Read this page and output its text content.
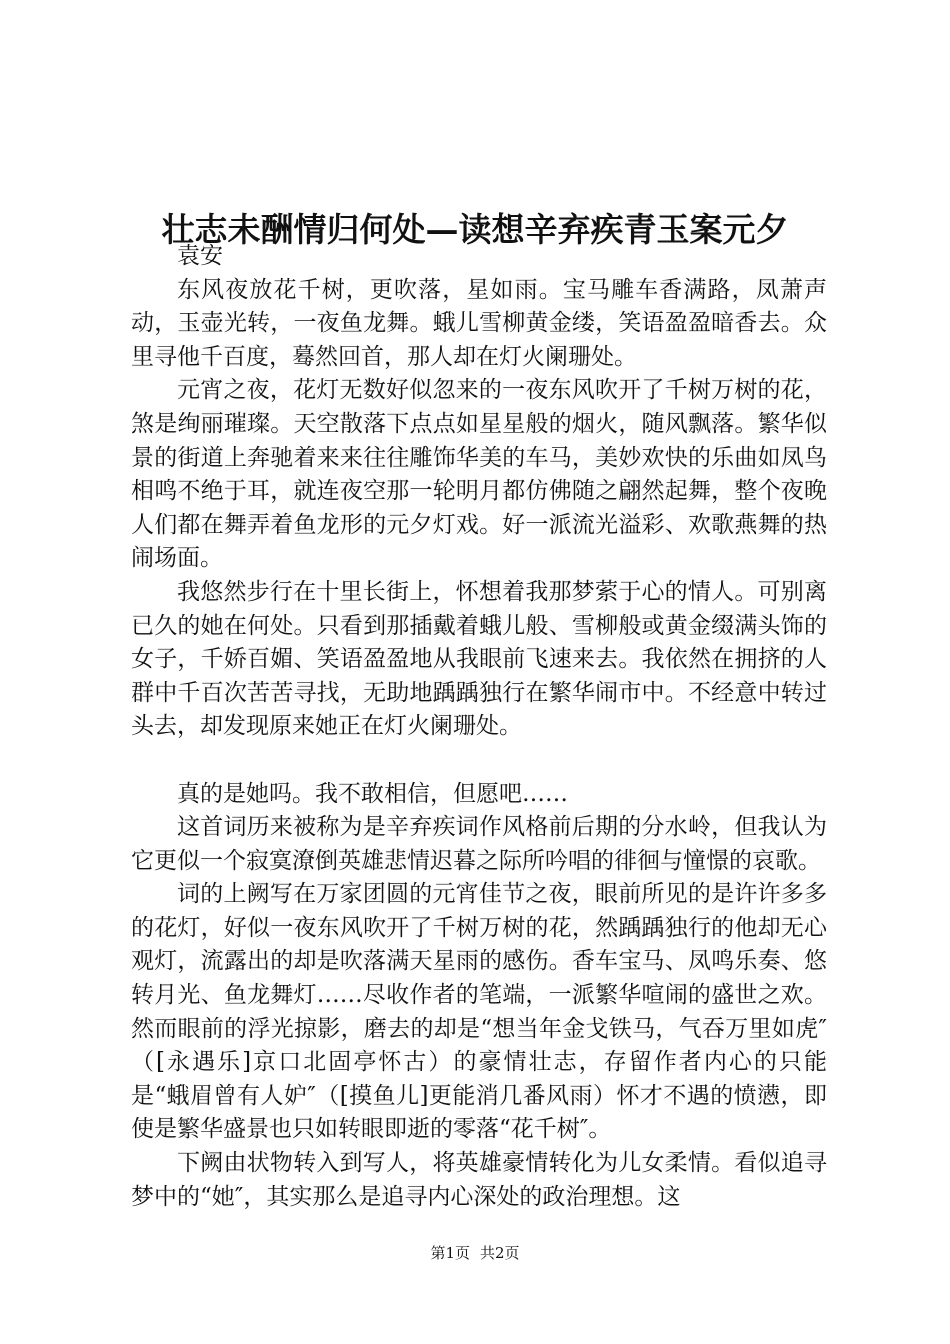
壮志未酬情归何处—读想辛弃疾青玉案元夕

袁安

东风夜放花千树，更吹落，星如雨。宝马雕车香满路，凤萧声动，玉壶光转，一夜鱼龙舞。蛾儿雪柳黄金缕，笑语盈盈暗香去。众里寻他千百度，蓦然回首，那人却在灯火阑珊处。

元宵之夜，花灯无数好似忽来的一夜东风吹开了千树万树的花，煞是绚丽璀璨。天空散落下点点如星星般的烟火，随风飘落。繁华似景的街道上奔驰着来来往往雕饰华美的车马，美妙欢快的乐曲如凤鸟相鸣不绝于耳，就连夜空那一轮明月都仿佛随之翩然起舞，整个夜晚人们都在舞弄着鱼龙形的元夕灯戏。好一派流光溢彩、欢歌燕舞的热闹场面。

我悠然步行在十里长街上，怀想着我那梦萦于心的情人。可别离已久的她在何处。只看到那插戴着蛾儿般、雪柳般或黄金缀满头饰的女子，千娇百媚、笑语盈盈地从我眼前飞速来去。我依然在拥挤的人群中千百次苦苦寻找，无助地踽踽独行在繁华闹市中。不经意中转过头去，却发现原来她正在灯火阑珊处。

真的是她吗。我不敢相信，但愿吧……

这首词历来被称为是辛弃疾词作风格前后期的分水岭，但我认为它更似一个寂寞潦倒英雄悲情迟暮之际所吟唱的徘徊与憧憬的哀歌。

词的上阙写在万家团圆的元宵佳节之夜，眼前所见的是许许多多的花灯，好似一夜东风吹开了千树万树的花，然踽踽独行的他却无心观灯，流露出的却是吹落满天星雨的感伤。香车宝马、凤鸣乐奏、悠转月光、鱼龙舞灯……尽收作者的笔端，一派繁华喧闹的盛世之欢。然而眼前的浮光掠影，磨去的却是“想当年金戈铁马，气吞万里如虎″（[永遇乐]京口北固亭怀古）的豪情壮志，存留作者内心的只能是“蛾眉曾有人妒″（[摸鱼儿]更能消几番风雨）怀才不遇的愤懑，即使是繁华盛景也只如转眼即逝的零落“花千树″。

下阙由状物转入到写人，将英雄豪情转化为儿女柔情。看似追寻梦中的“她″，其实那么是追寻内心深处的政治理想。这

第1页 共2页
